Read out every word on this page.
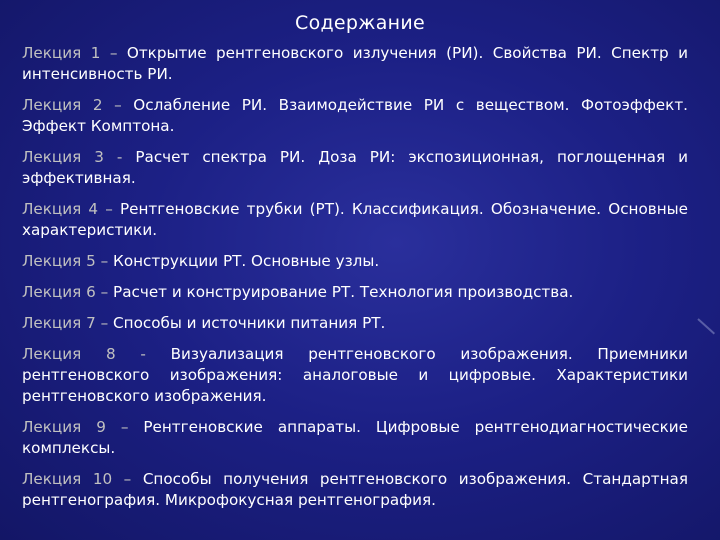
Содержание

Лекция 1 – Открытие рентгеновского излучения (РИ). Свойства РИ. Спектр и интенсивность РИ.

Лекция 2 – Ослабление РИ. Взаимодействие РИ с веществом. Фотоэффект. Эффект Комптона.

Лекция 3 - Расчет спектра РИ. Доза РИ: экспозиционная, поглощенная и эффективная.

Лекция 4 – Рентгеновские трубки (РТ). Классификация. Обозначение. Основные характеристики.

Лекция 5 – Конструкции РТ. Основные узлы.

Лекция 6 – Расчет и конструирование РТ. Технология производства.

Лекция 7 – Способы и источники питания РТ.

Лекция 8 - Визуализация рентгеновского изображения. Приемники рентгеновского изображения: аналоговые и цифровые. Характеристики рентгеновского изображения.

Лекция 9 – Рентгеновские аппараты. Цифровые рентгенодиагностические комплексы.

Лекция 10 – Способы получения рентгеновского изображения. Стандартная рентгенография. Микрофокусная рентгенография.
